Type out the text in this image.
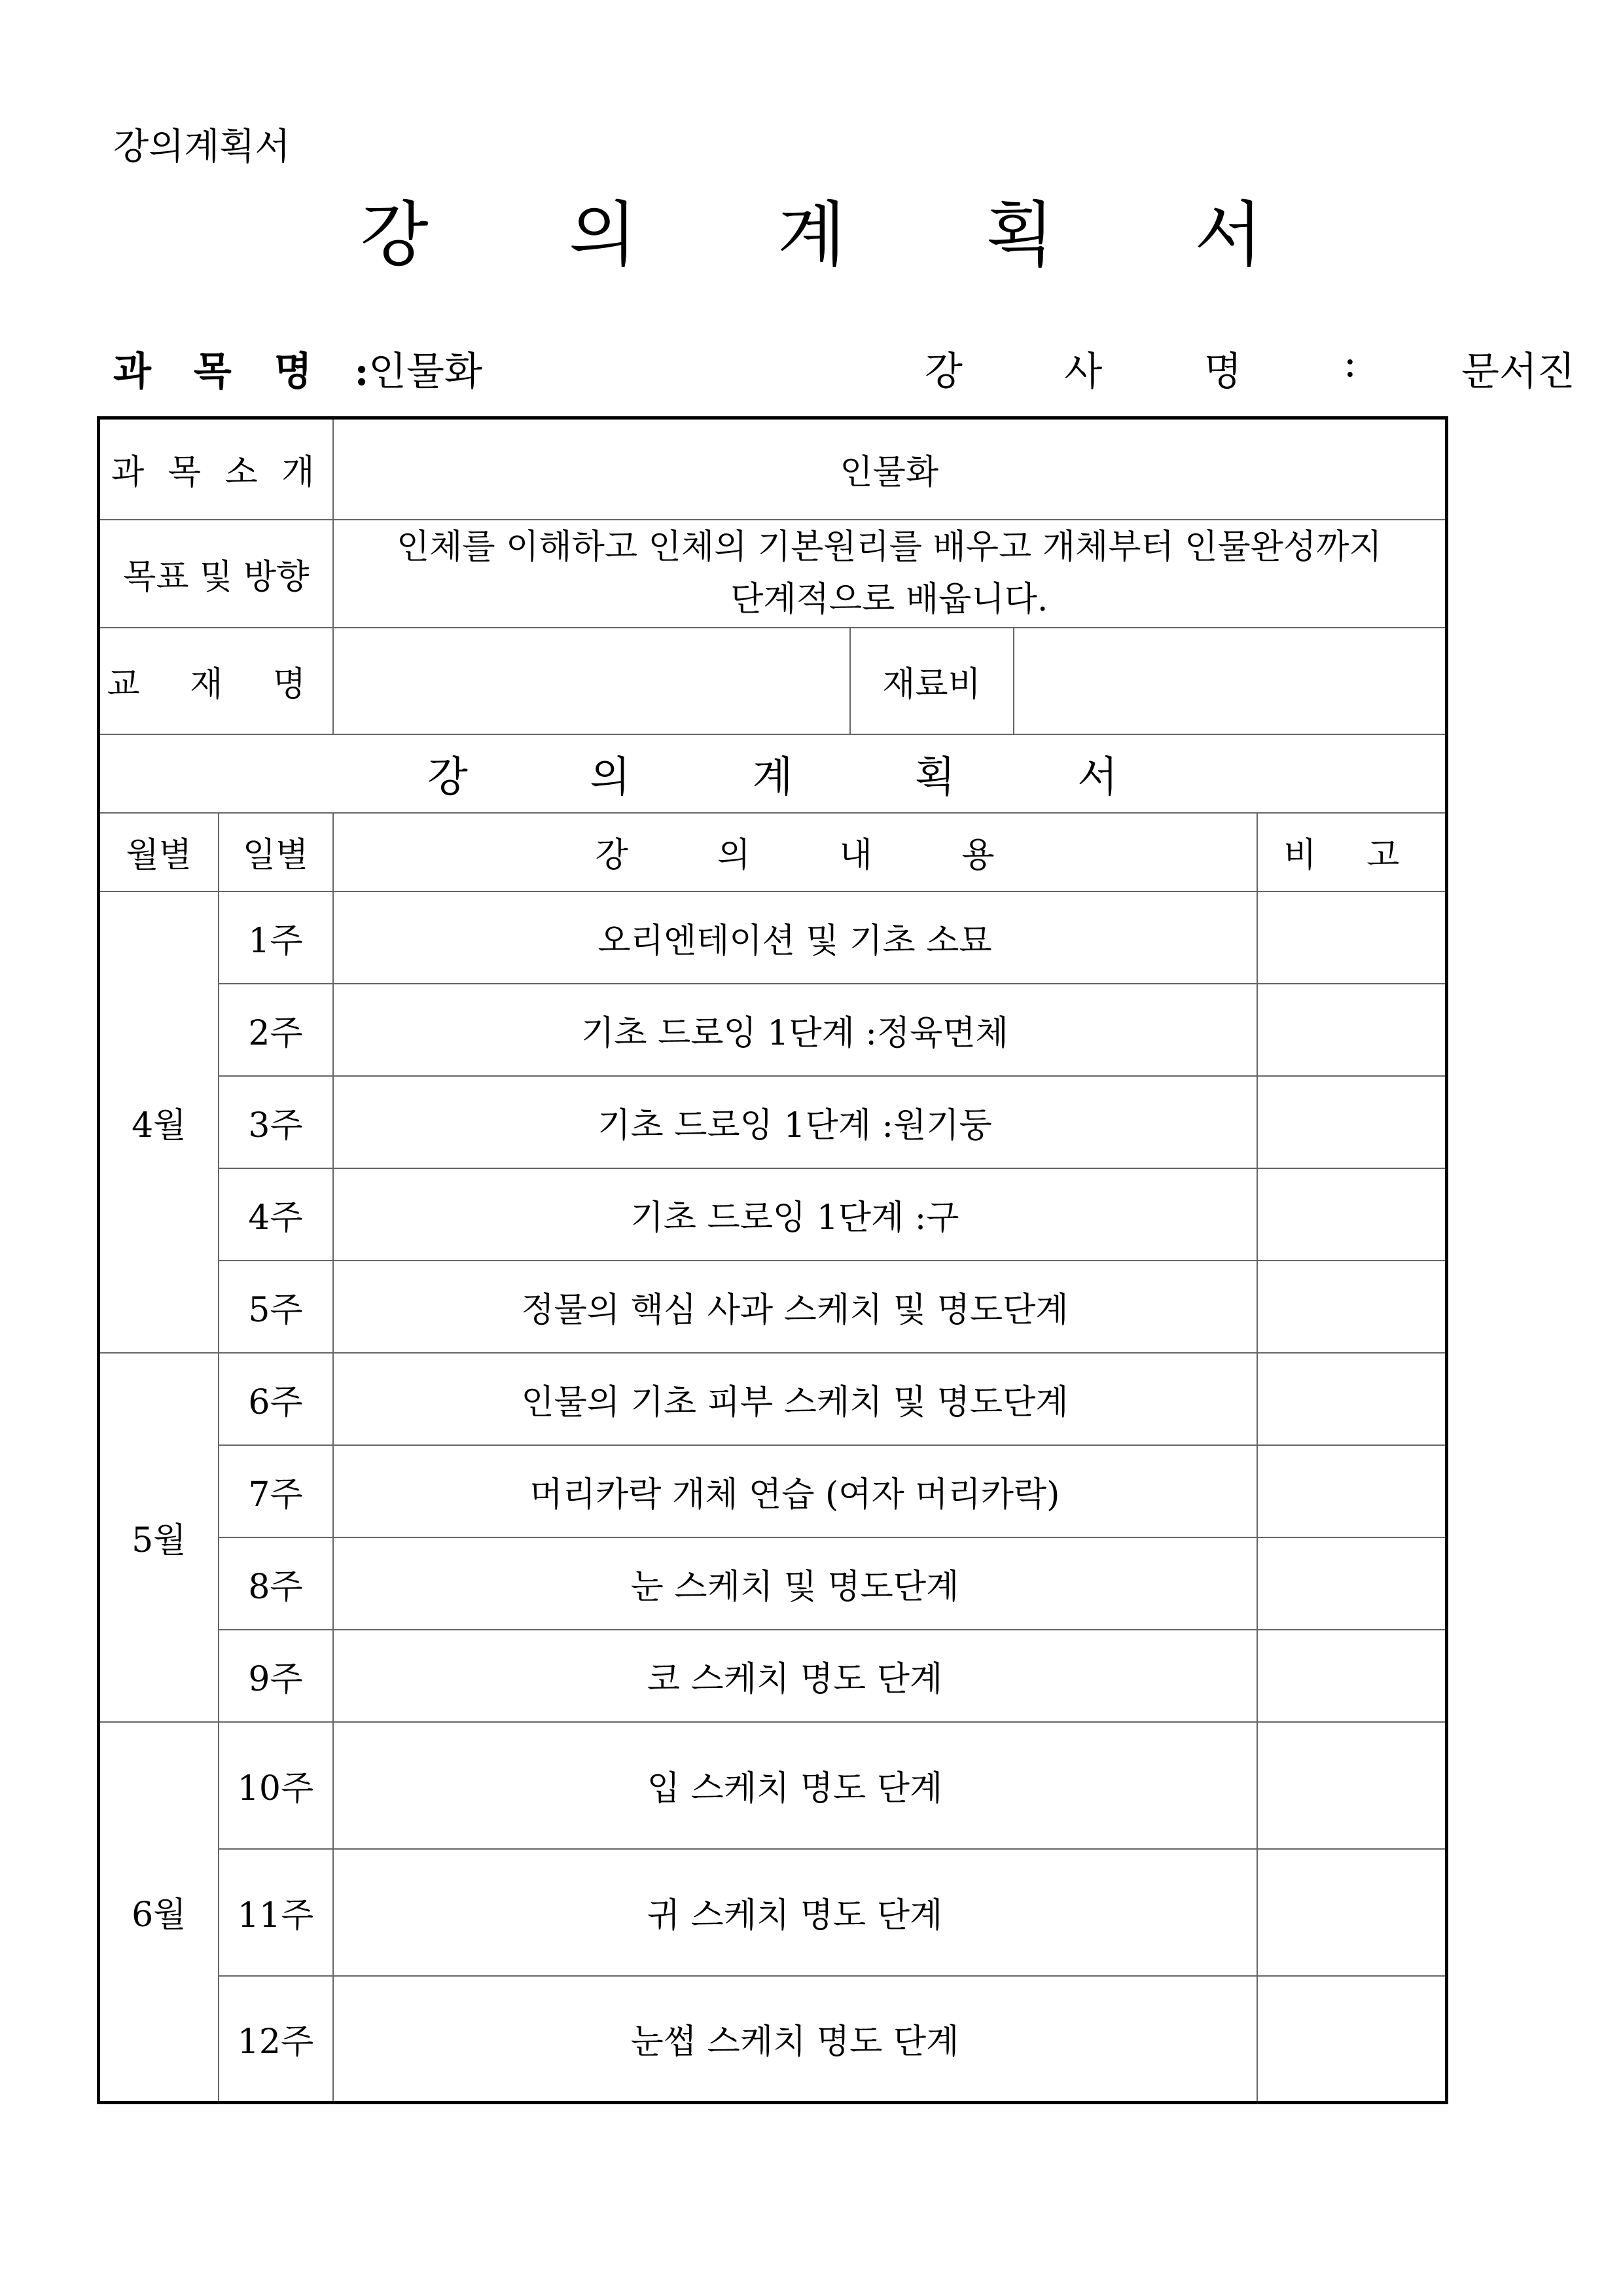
강의계획서
강 의 계 획 서
과 목 명 :
인물화	강	사	명	:	문서진
과 목 소 개		인물화			
목표 및 방향		인체를 이해하고 인체의 기본원리를 배우고 개체부터 인물완성까지
단계적으로 배웁니다.			

교 재 명			재료비		

강 의 계 획 서					

월별	일별	강 의 내 용			비 고
4월	1주	오리엔테이션 및 기초 소묘			
	2주	기초 드로잉 1단계 :정육면체			
	3주	기초 드로잉 1단계 :원기둥			
	4주	기초 드로잉 1단계 :구			
	5주	정물의 핵심 사과 스케치 및 명도단계			
5월	6주	인물의 기초 피부 스케치 및 명도단계			
	7주	머리카락 개체 연습 (여자 머리카락)			
	8주	눈 스케치 및 명도단계			
	9주	코 스케치 명도 단계			
6월	10주	입 스케치 명도 단계			
	11주	귀 스케치 명도 단계			
	12주	눈썹 스케치 명도 단계			
